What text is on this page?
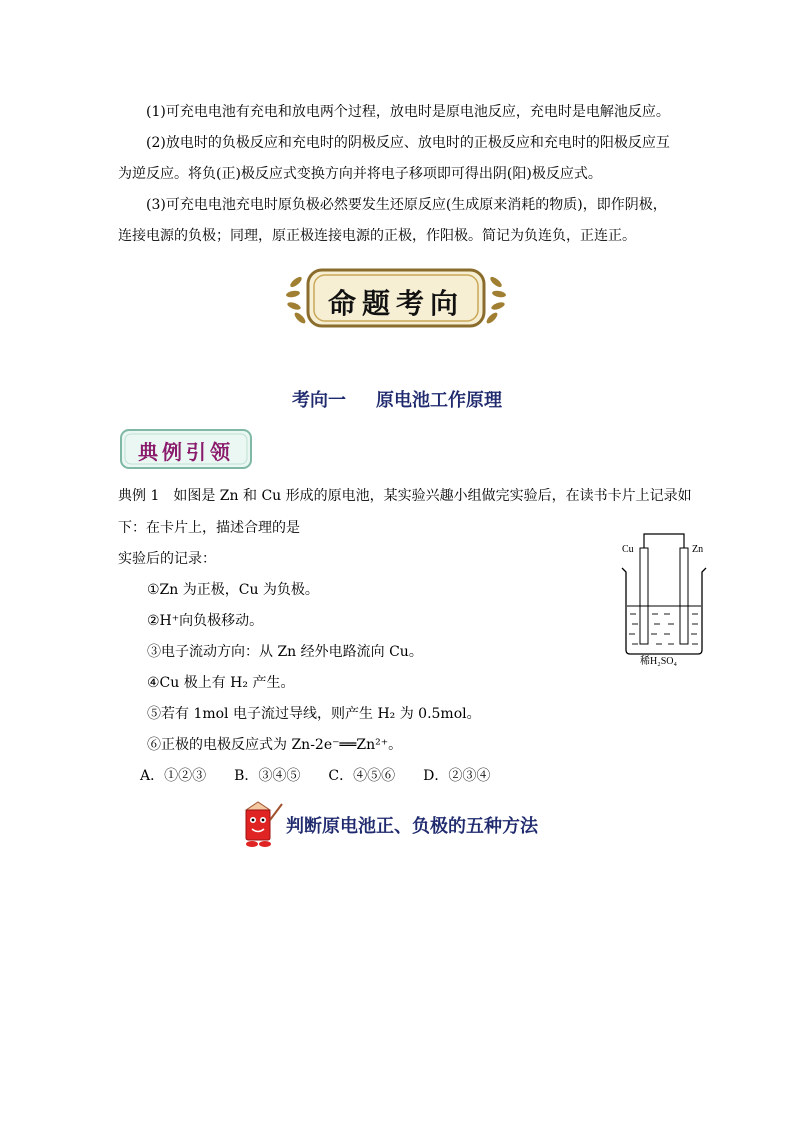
(1)可充电电池有充电和放电两个过程，放电时是原电池反应，充电时是电解池反应。
(2)放电时的负极反应和充电时的阴极反应、放电时的正极反应和充电时的阳极反应互为逆反应。将负(正)极反应式变换方向并将电子移项即可得出阴(阳)极反应式。
(3)可充电电池充电时原负极必然要发生还原反应(生成原来消耗的物质)，即作阴极，连接电源的负极；同理，原正极连接电源的正极，作阳极。简记为负连负，正连正。
命题考向
考向一 原电池工作原理
典例引领
典例 1　如图是 Zn 和 Cu 形成的原电池，某实验兴趣小组做完实验后，在读书卡片上记录如
下：在卡片上，描述合理的是
实验后的记录：
①Zn 为正极，Cu 为负极。
②H⁺向负极移动。
③电子流动方向：从 Zn 经外电路流向 Cu。
④Cu 极上有 H₂ 产生。
⑤若有 1mol 电子流过导线，则产生 H₂ 为 0.5mol。
⑥正极的电极反应式为 Zn-2e⁻══Zn²⁺。
A．①②③　　B．③④⑤　　C．④⑤⑥　　D．②③④
Cu	Zn
稀H₂SO₄
判断原电池正、负极的五种方法
